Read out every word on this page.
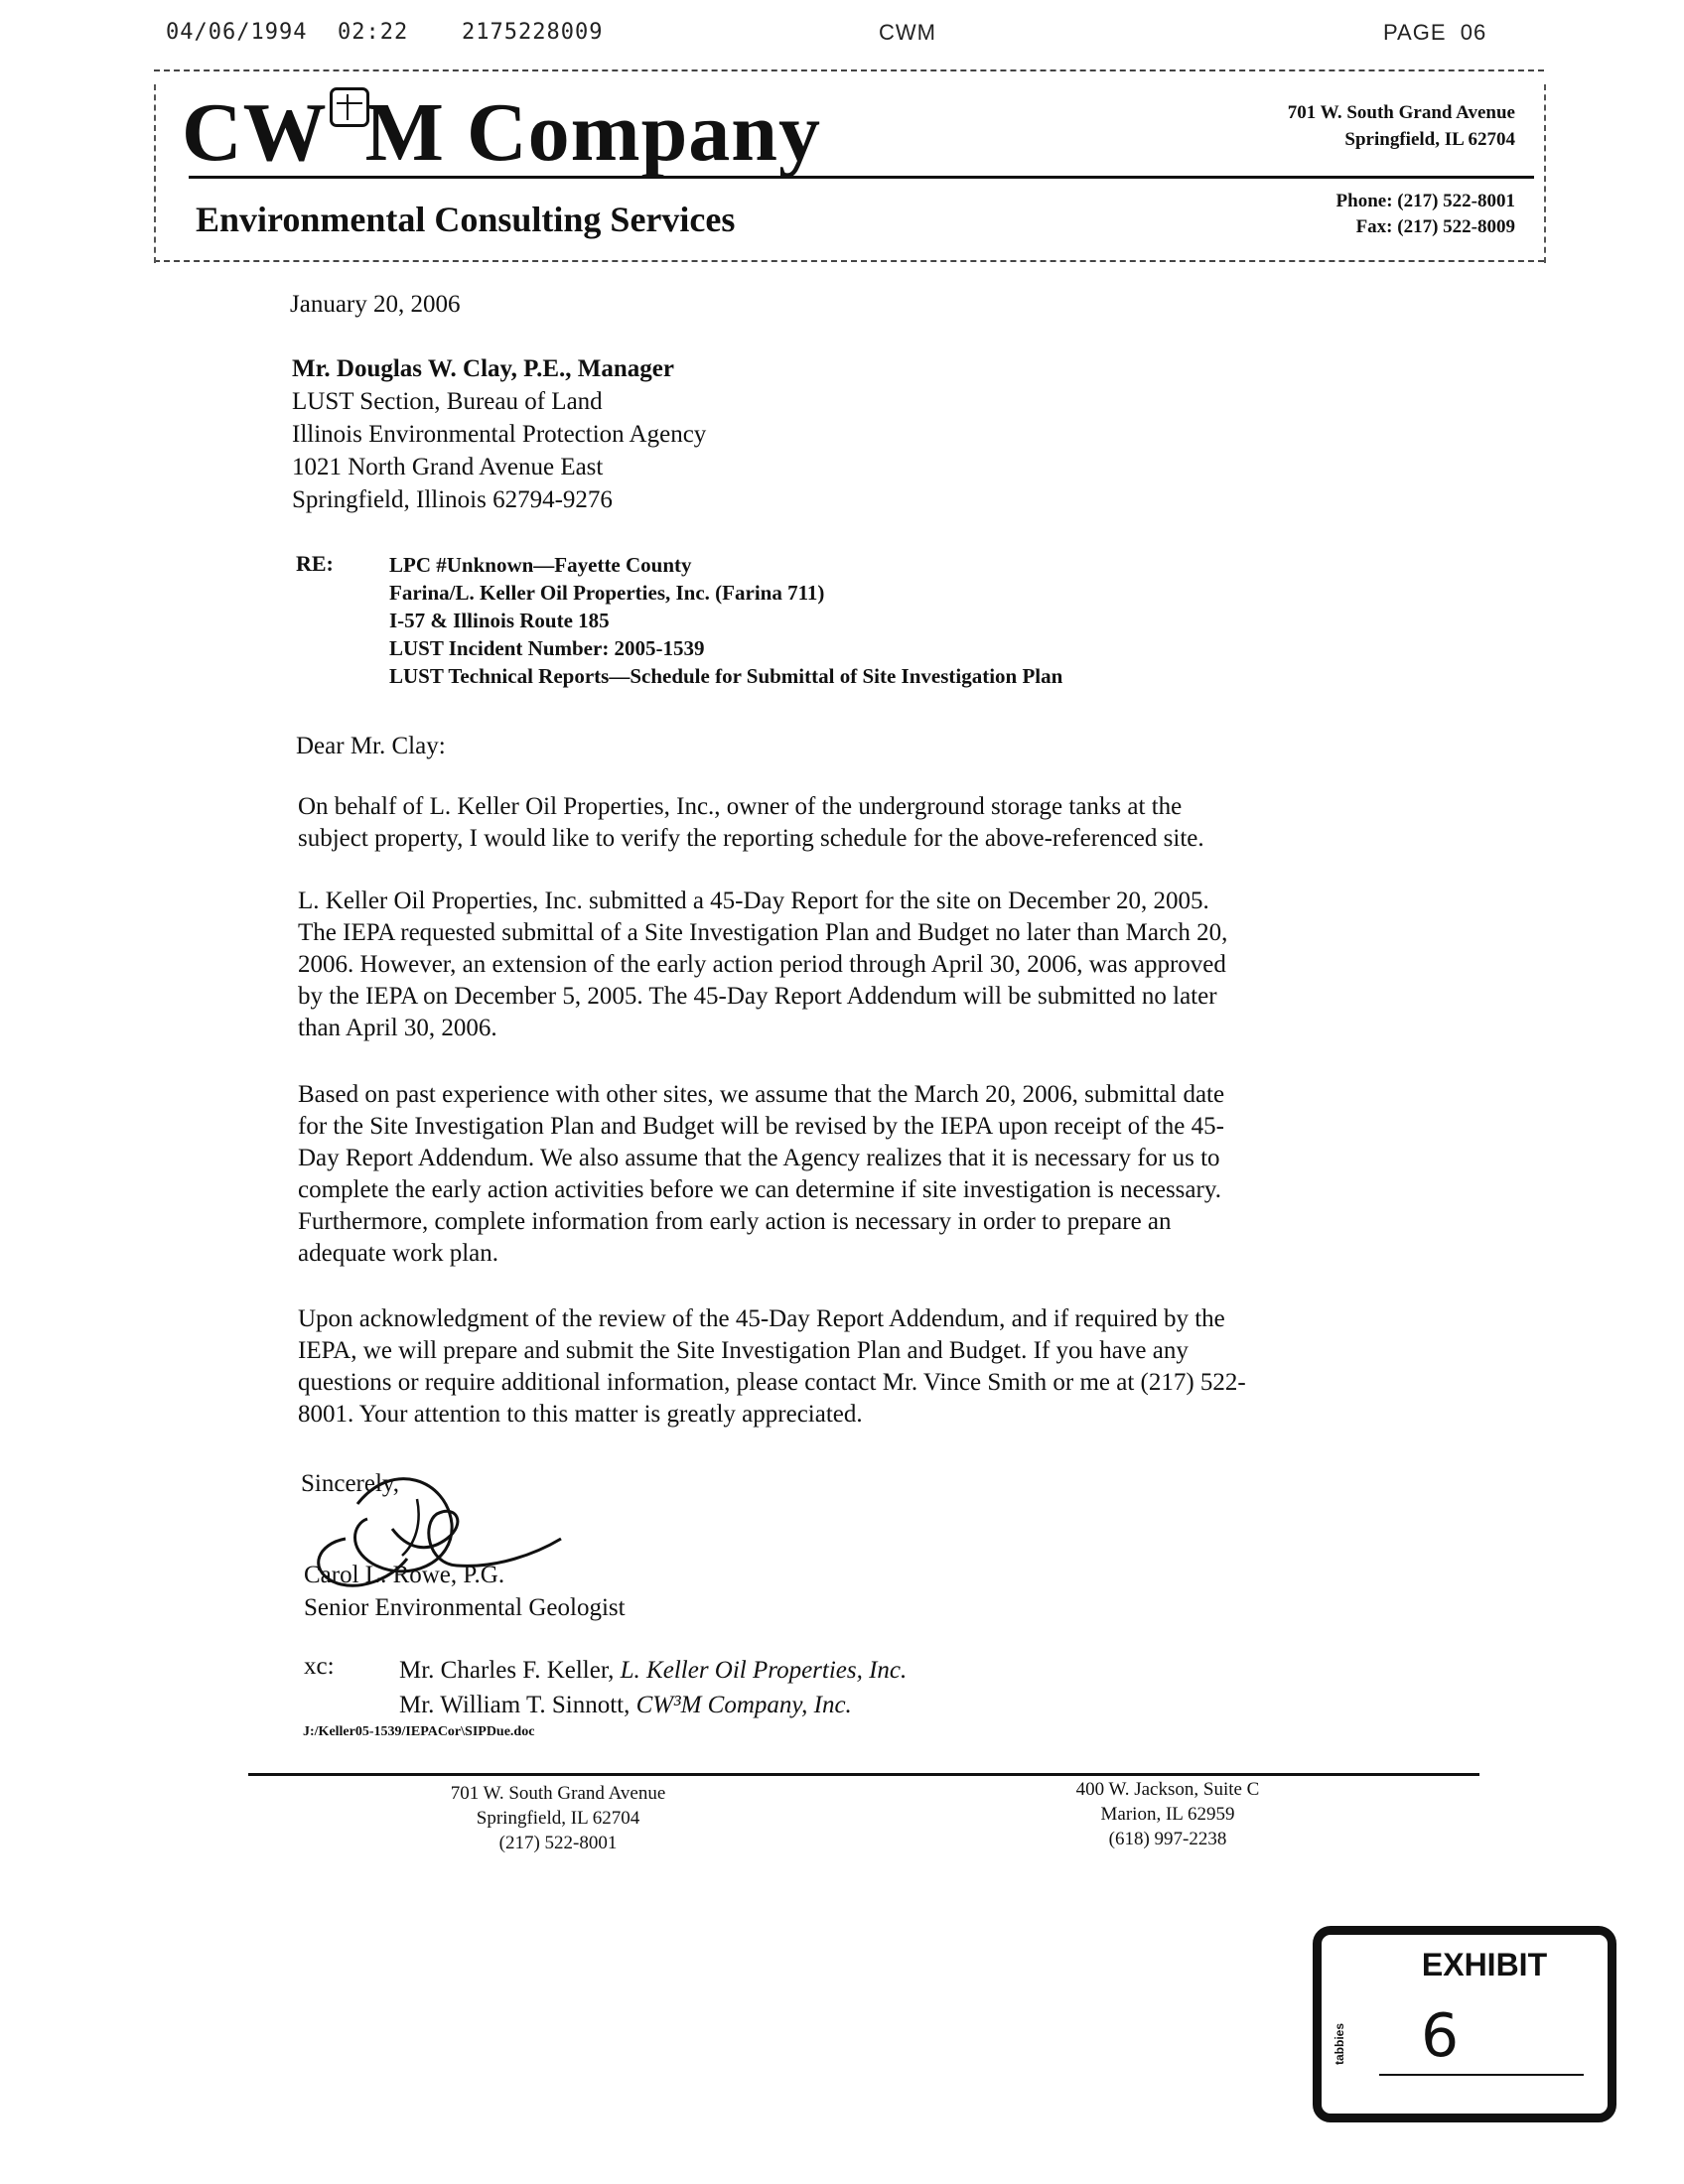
04/06/1994 02:22 2175228009	CWM	PAGE 06
CW M Company
Environmental Consulting Services
701 W. South Grand Avenue
Springfield, IL 62704
Phone: (217) 522-8001
Fax: (217) 522-8009
January 20, 2006
Mr. Douglas W. Clay, P.E., Manager
LUST Section, Bureau of Land
Illinois Environmental Protection Agency
1021 North Grand Avenue East
Springfield, Illinois 62794-9276
RE:	LPC #Unknown—Fayette County
Farina/L. Keller Oil Properties, Inc. (Farina 711)
I-57 & Illinois Route 185
LUST Incident Number: 2005-1539
LUST Technical Reports—Schedule for Submittal of Site Investigation Plan
Dear Mr. Clay:
On behalf of L. Keller Oil Properties, Inc., owner of the underground storage tanks at the
subject property, I would like to verify the reporting schedule for the above-referenced site.
L. Keller Oil Properties, Inc. submitted a 45-Day Report for the site on December 20, 2005.
The IEPA requested submittal of a Site Investigation Plan and Budget no later than March 20,
2006. However, an extension of the early action period through April 30, 2006, was approved
by the IEPA on December 5, 2005. The 45-Day Report Addendum will be submitted no later
than April 30, 2006.
Based on past experience with other sites, we assume that the March 20, 2006, submittal date
for the Site Investigation Plan and Budget will be revised by the IEPA upon receipt of the 45-
Day Report Addendum. We also assume that the Agency realizes that it is necessary for us to
complete the early action activities before we can determine if site investigation is necessary.
Furthermore, complete information from early action is necessary in order to prepare an
adequate work plan.
Upon acknowledgment of the review of the 45-Day Report Addendum, and if required by the
IEPA, we will prepare and submit the Site Investigation Plan and Budget. If you have any
questions or require additional information, please contact Mr. Vince Smith or me at (217) 522-
8001. Your attention to this matter is greatly appreciated.
Sincerely,
Carol L. Rowe, P.G.
Senior Environmental Geologist
xc:	Mr. Charles F. Keller, L. Keller Oil Properties, Inc.
Mr. William T. Sinnott, CW³M Company, Inc.
J:/Keller05-1539/IEPACor\SIPDue.doc
701 W. South Grand Avenue
Springfield, IL 62704
(217) 522-8001
400 W. Jackson, Suite C
Marion, IL 62959
(618) 997-2238
EXHIBIT
tabbies 6
